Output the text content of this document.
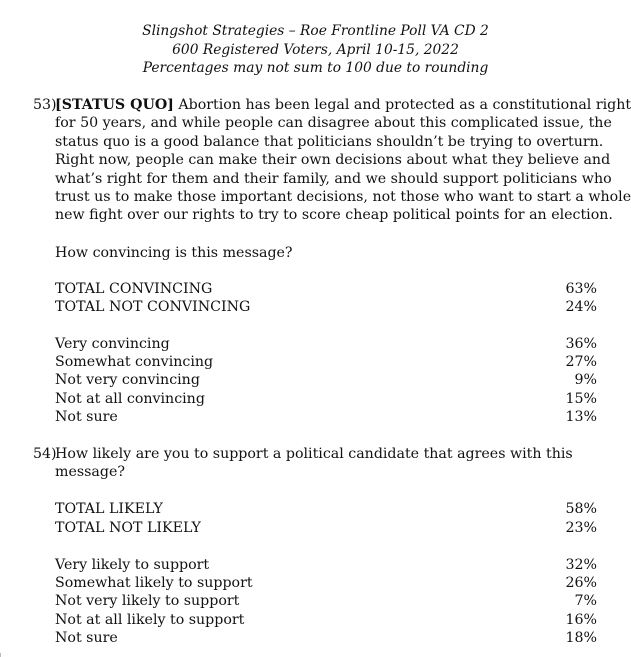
Slingshot Strategies – Roe Frontline Poll VA CD 2
600 Registered Voters, April 10-15, 2022
Percentages may not sum to 100 due to rounding
53)
[STATUS QUO] Abortion has been legal and protected as a constitutional right
for 50 years, and while people can disagree about this complicated issue, the
status quo is a good balance that politicians shouldn’t be trying to overturn.
Right now, people can make their own decisions about what they believe and
what’s right for them and their family, and we should support politicians who
trust us to make those important decisions, not those who want to start a whole
new fight over our rights to try to score cheap political points for an election.
How convincing is this message?
TOTAL CONVINCING	63%
TOTAL NOT CONVINCING	24%
Very convincing	36%
Somewhat convincing	27%
Not very convincing	9%
Not at all convincing	15%
Not sure	13%
54)
How likely are you to support a political candidate that agrees with this
message?
TOTAL LIKELY	58%
TOTAL NOT LIKELY	23%
Very likely to support	32%
Somewhat likely to support	26%
Not very likely to support	7%
Not at all likely to support	16%
Not sure	18%
